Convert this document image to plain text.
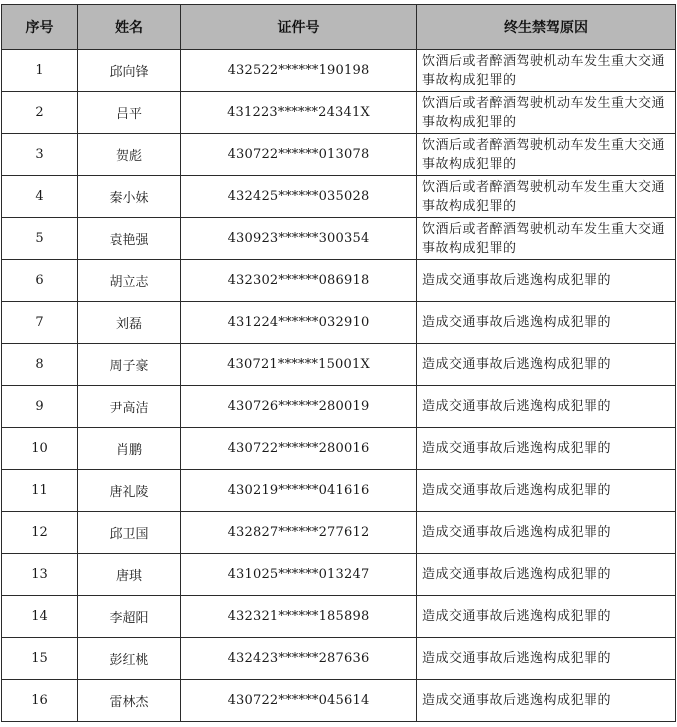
序号	姓名	证件号	终生禁驾原因
1	邱向锋	432522******190198	饮酒后或者醉酒驾驶机动车发生重大交通事故构成犯罪的
2	吕平	431223******24341X	饮酒后或者醉酒驾驶机动车发生重大交通事故构成犯罪的
3	贺彪	430722******013078	饮酒后或者醉酒驾驶机动车发生重大交通事故构成犯罪的
4	秦小妹	432425******035028	饮酒后或者醉酒驾驶机动车发生重大交通事故构成犯罪的
5	袁艳强	430923******300354	饮酒后或者醉酒驾驶机动车发生重大交通事故构成犯罪的
6	胡立志	432302******086918	造成交通事故后逃逸构成犯罪的
7	刘磊	431224******032910	造成交通事故后逃逸构成犯罪的
8	周子豪	430721******15001X	造成交通事故后逃逸构成犯罪的
9	尹高洁	430726******280019	造成交通事故后逃逸构成犯罪的
10	肖鹏	430722******280016	造成交通事故后逃逸构成犯罪的
11	唐礼陵	430219******041616	造成交通事故后逃逸构成犯罪的
12	邱卫国	432827******277612	造成交通事故后逃逸构成犯罪的
13	唐琪	431025******013247	造成交通事故后逃逸构成犯罪的
14	李超阳	432321******185898	造成交通事故后逃逸构成犯罪的
15	彭红桃	432423******287636	造成交通事故后逃逸构成犯罪的
16	雷林杰	430722******045614	造成交通事故后逃逸构成犯罪的
